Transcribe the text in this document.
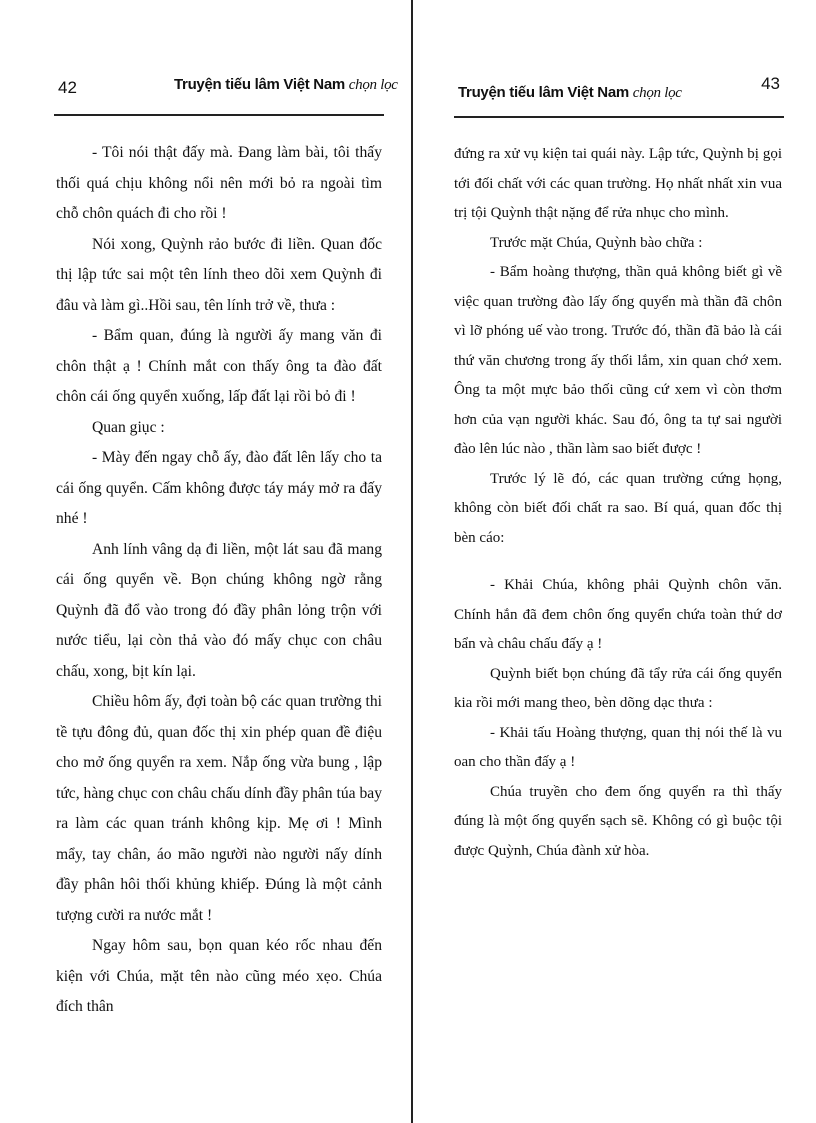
42	Truyện tiếu lâm Việt Nam chọn lọc

- Tôi nói thật đấy mà. Đang làm bài, tôi thấy thối quá chịu không nổi nên mới bỏ ra ngoài tìm chỗ chôn quách đi cho rồi !

Nói xong, Quỳnh rảo bước đi liền. Quan đốc thị lập tức sai một tên lính theo dõi xem Quỳnh đi đâu và làm gì..Hồi sau, tên lính trở về, thưa :

- Bẩm quan, đúng là người ấy mang văn đi chôn thật ạ ! Chính mắt con thấy ông ta đào đất chôn cái ống quyển xuống, lấp đất lại rồi bỏ đi !

Quan giục :

- Mày đến ngay chỗ ấy, đào đất lên lấy cho ta cái ống quyển. Cấm không được táy máy mở ra đấy nhé !

Anh lính vâng dạ đi liền, một lát sau đã mang cái ống quyển về. Bọn chúng không ngờ rằng Quỳnh đã đổ vào trong đó đầy phân lỏng trộn với nước tiểu, lại còn thả vào đó mấy chục con châu chấu, xong, bịt kín lại.

Chiều hôm ấy, đợi toàn bộ các quan trường thi tề tựu đông đủ, quan đốc thị xin phép quan đề điệu cho mở ống quyển ra xem. Nắp ống vừa bung , lập tức, hàng chục con châu chấu dính đầy phân túa bay ra làm các quan tránh không kịp. Mẹ ơi ! Mình mẩy, tay chân, áo mão người nào người nấy dính đầy phân hôi thối khủng khiếp. Đúng là một cảnh tượng cười ra nước mắt !

Ngay hôm sau, bọn quan kéo rốc nhau đến kiện với Chúa, mặt tên nào cũng méo xẹo. Chúa đích thân

Truyện tiếu lâm Việt Nam chọn lọc	43

đứng ra xử vụ kiện tai quái này. Lập tức, Quỳnh bị gọi tới đối chất với các quan trường. Họ nhất nhất xin vua trị tội Quỳnh thật nặng để rửa nhục cho mình.

Trước mặt Chúa, Quỳnh bào chữa :

- Bẩm hoàng thượng, thần quả không biết gì về việc quan trường đào lấy ống quyển mà thần đã chôn vì lỡ phóng uế vào trong. Trước đó, thần đã bảo là cái thứ văn chương trong ấy thối lắm, xin quan chớ xem. Ông ta một mực bảo thối cũng cứ xem vì còn thơm hơn của vạn người khác. Sau đó, ông ta tự sai người đào lên lúc nào , thần làm sao biết được !

Trước lý lẽ đó, các quan trường cứng họng, không còn biết đối chất ra sao. Bí quá, quan đốc thị bèn cáo:

- Khải Chúa, không phải Quỳnh chôn văn. Chính hắn đã đem chôn ống quyển chứa toàn thứ dơ bẩn và châu chấu đấy ạ !

Quỳnh biết bọn chúng đã tẩy rửa cái ống quyển kia rồi mới mang theo, bèn dõng dạc thưa :

- Khải tấu Hoàng thượng, quan thị nói thế là vu oan cho thần đấy ạ !

Chúa truyền cho đem ống quyển ra thì thấy đúng là một ống quyển sạch sẽ. Không có gì buộc tội được Quỳnh, Chúa đành xử hòa.
